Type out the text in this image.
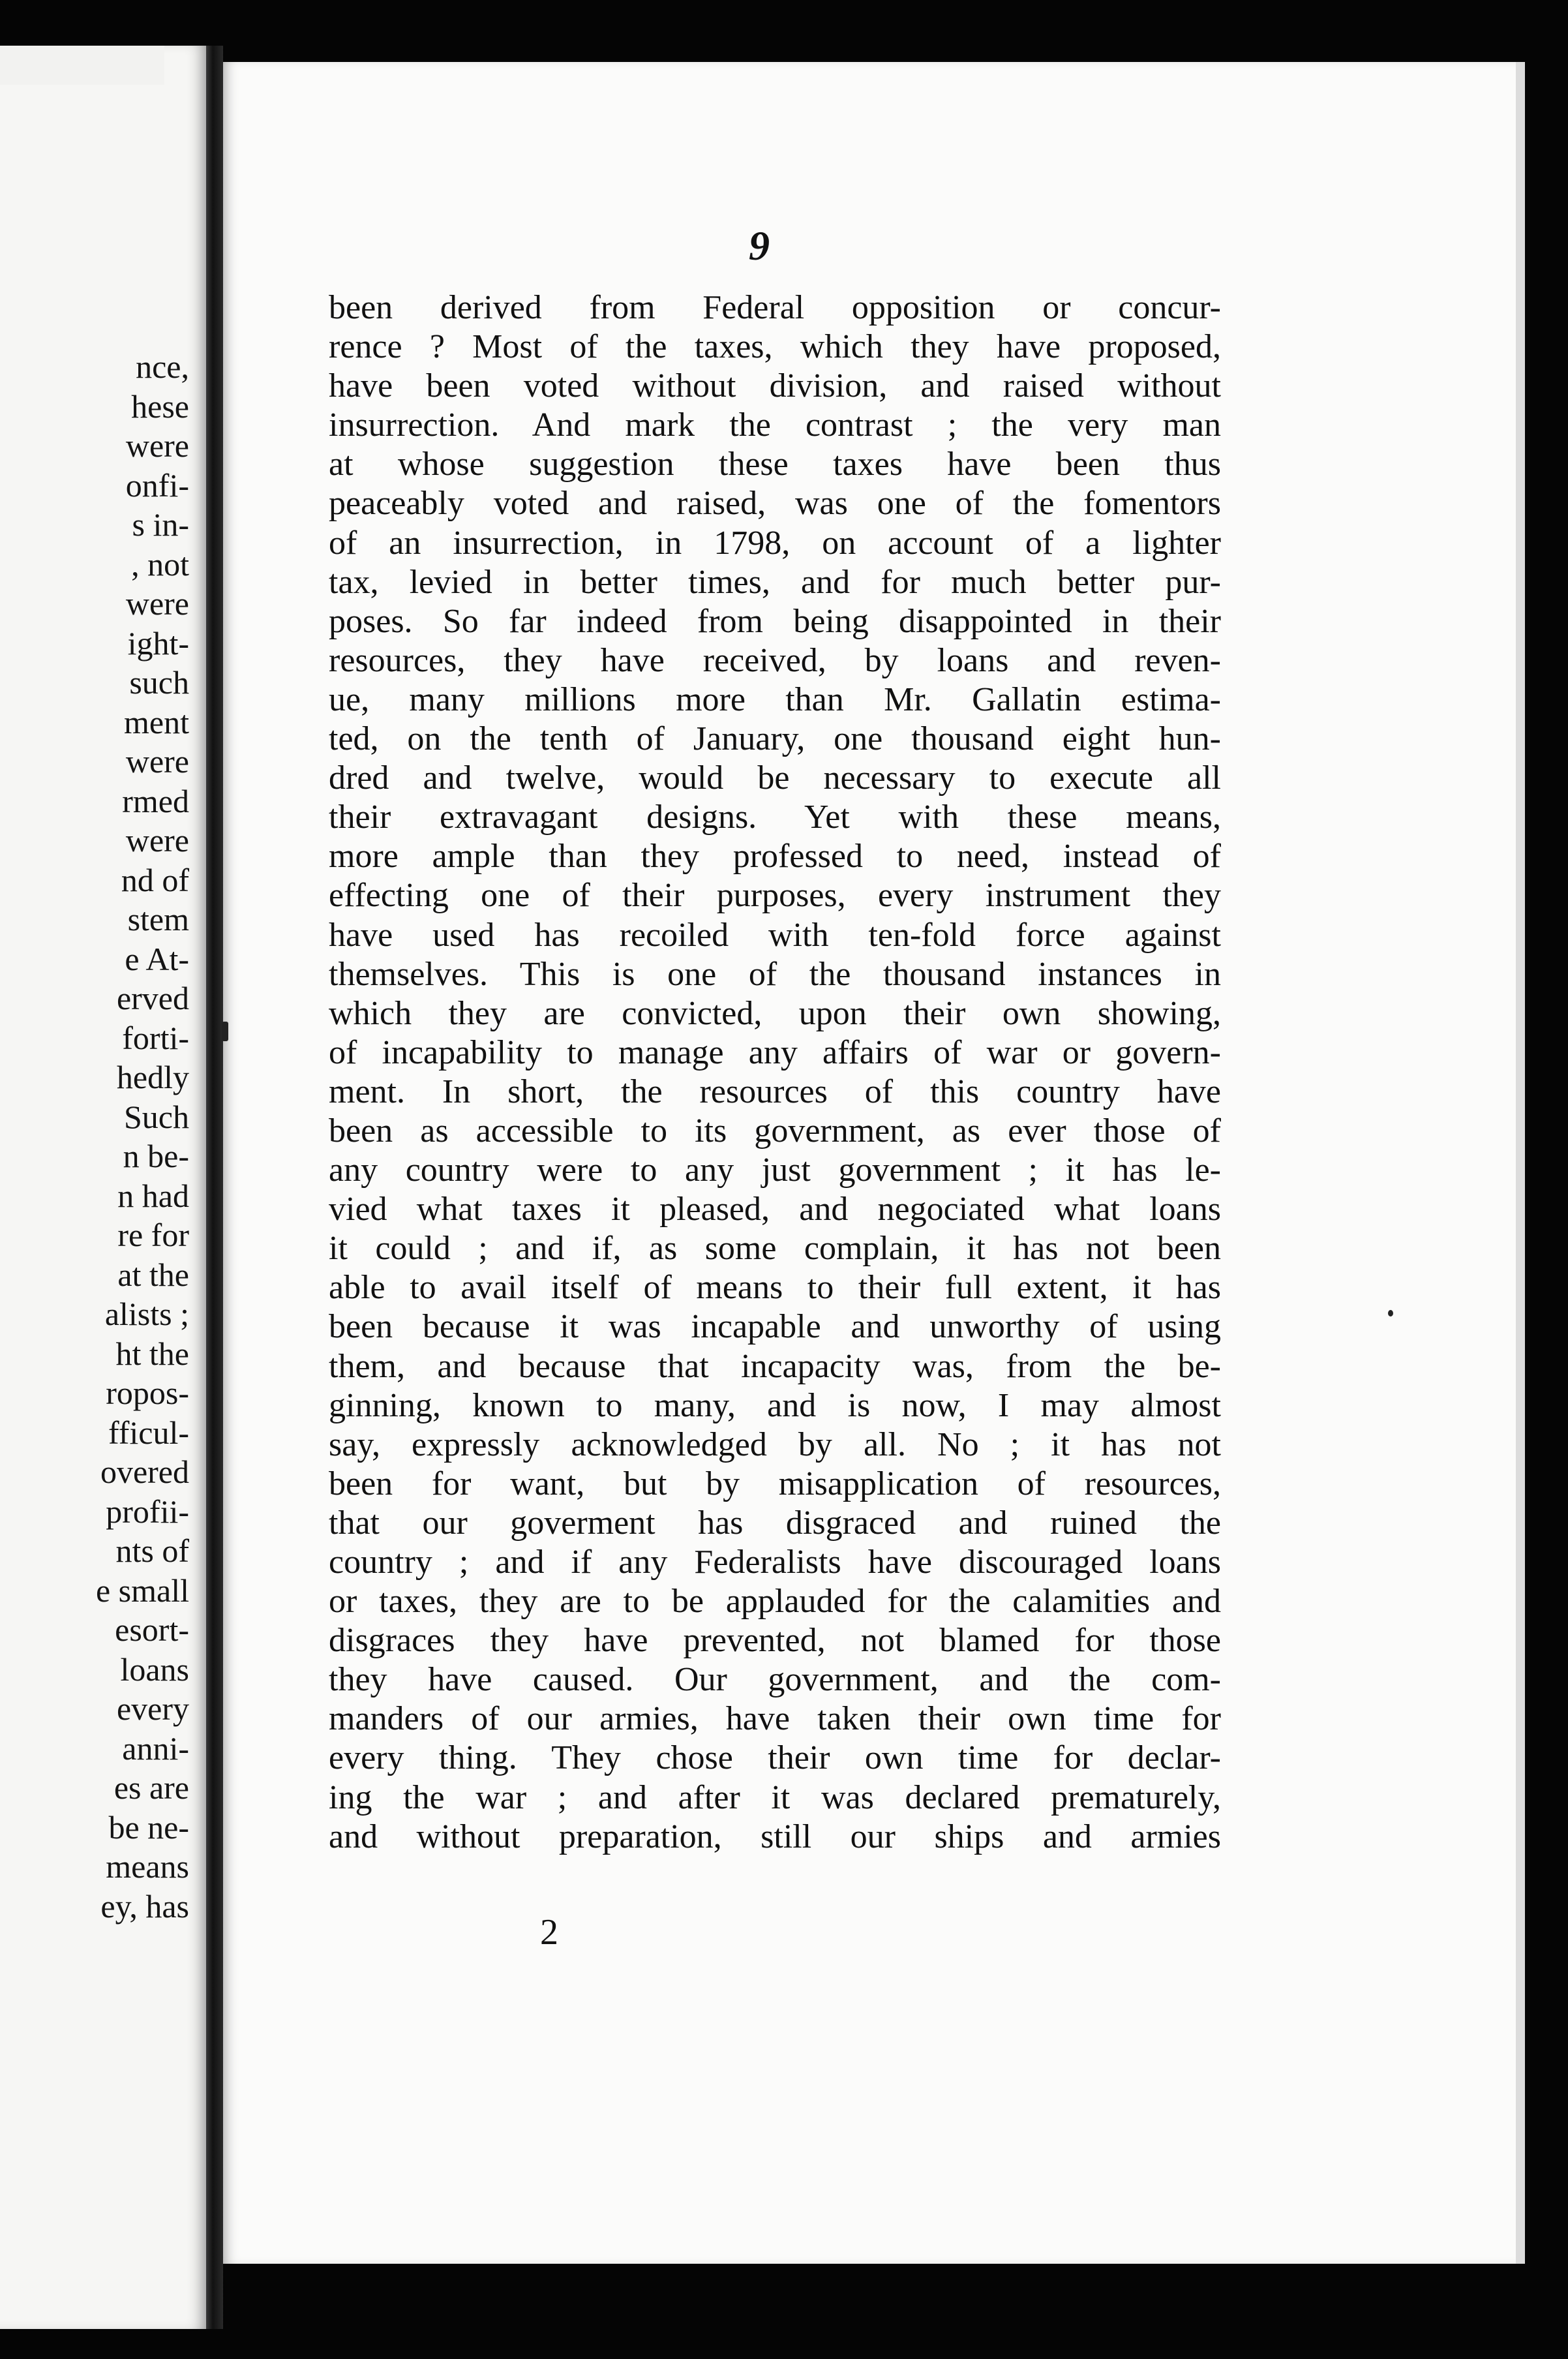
nce,
hese
were
onfi-
s in-
, not
were
ight-
such
ment
were
rmed
were
nd of
stem
e At-
erved
forti-
hedly
Such
n be-
n had
re for
at the
alists ;
ht the
ropos-
fficul-
overed
profii-
nts of
e small
esort-
loans
every
anni-
es are
be ne-
means
ey, has

9

been derived from Federal opposition or concur-
rence ? Most of the taxes, which they have proposed,
have been voted without division, and raised without
insurrection. And mark the contrast ; the very man
at whose suggestion these taxes have been thus
peaceably voted and raised, was one of the fomentors
of an insurrection, in 1798, on account of a lighter
tax, levied in better times, and for much better pur-
poses. So far indeed from being disappointed in their
resources, they have received, by loans and reven-
ue, many millions more than Mr. Gallatin estima-
ted, on the tenth of January, one thousand eight hun-
dred and twelve, would be necessary to execute all
their extravagant designs. Yet with these means,
more ample than they professed to need, instead of
effecting one of their purposes, every instrument they
have used has recoiled with ten-fold force against
themselves. This is one of the thousand instances in
which they are convicted, upon their own showing,
of incapability to manage any affairs of war or govern-
ment. In short, the resources of this country have
been as accessible to its government, as ever those of
any country were to any just government ; it has le-
vied what taxes it pleased, and negociated what loans
it could ; and if, as some complain, it has not been
able to avail itself of means to their full extent, it has
been because it was incapable and unworthy of using
them, and because that incapacity was, from the be-
ginning, known to many, and is now, I may almost
say, expressly acknowledged by all. No ; it has not
been for want, but by misapplication of resources,
that our goverment has disgraced and ruined the
country ; and if any Federalists have discouraged loans
or taxes, they are to be applauded for the calamities and
disgraces they have prevented, not blamed for those
they have caused. Our government, and the com-
manders of our armies, have taken their own time for
every thing. They chose their own time for declar-
ing the war ; and after it was declared prematurely,
and without preparation, still our ships and armies

2
